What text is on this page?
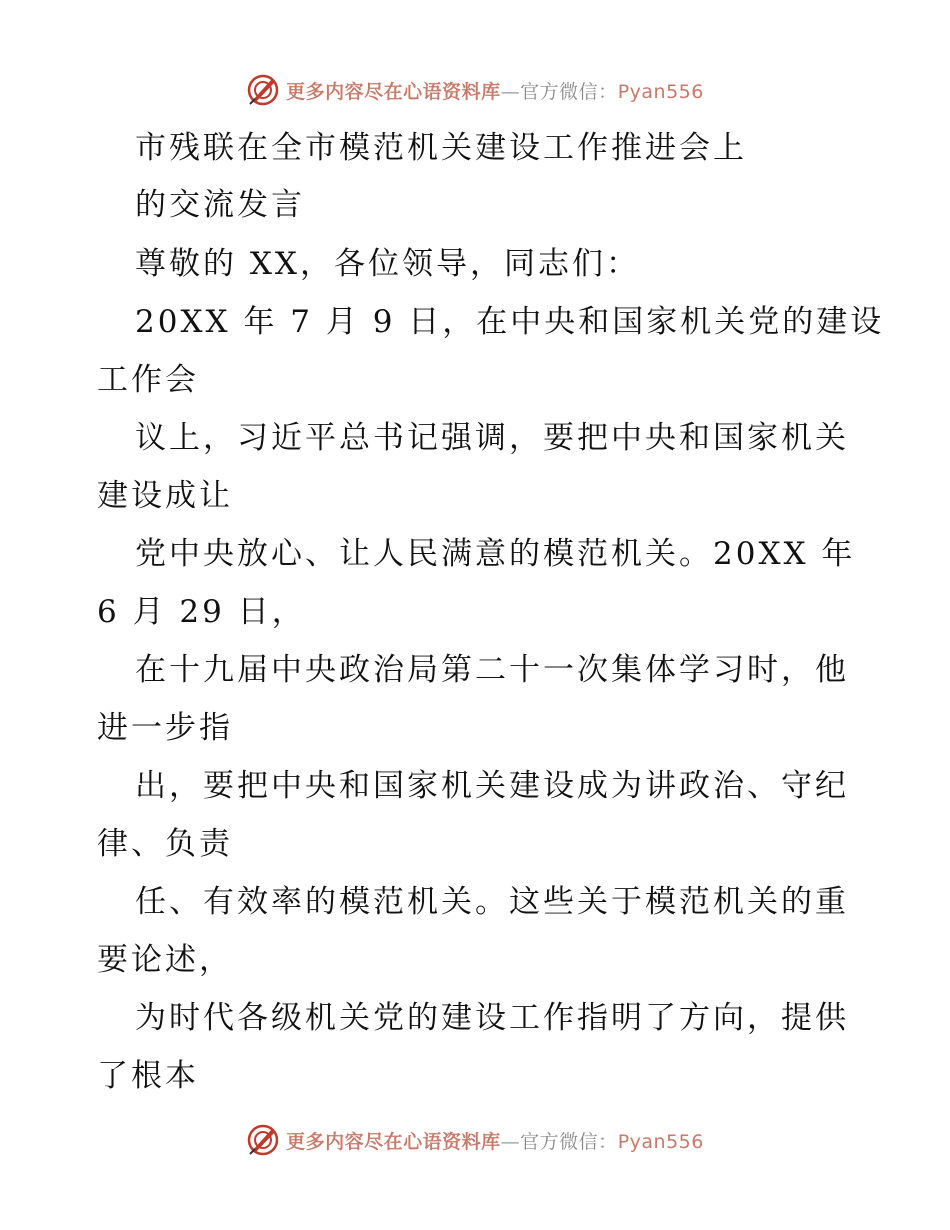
更多内容尽在心语资料库—官方微信：Pyan556
市残联在全市模范机关建设工作推进会上
的交流发言
尊敬的 XX，各位领导，同志们：
20XX 年 7 月 9 日，在中央和国家机关党的建设
工作会
议上，习近平总书记强调，要把中央和国家机关
建设成让
党中央放心、让人民满意的模范机关。20XX 年
6 月 29 日，
在十九届中央政治局第二十一次集体学习时，他
进一步指
出，要把中央和国家机关建设成为讲政治、守纪
律、负责
任、有效率的模范机关。这些关于模范机关的重
要论述，
为时代各级机关党的建设工作指明了方向，提供
了根本
更多内容尽在心语资料库—官方微信：Pyan556
